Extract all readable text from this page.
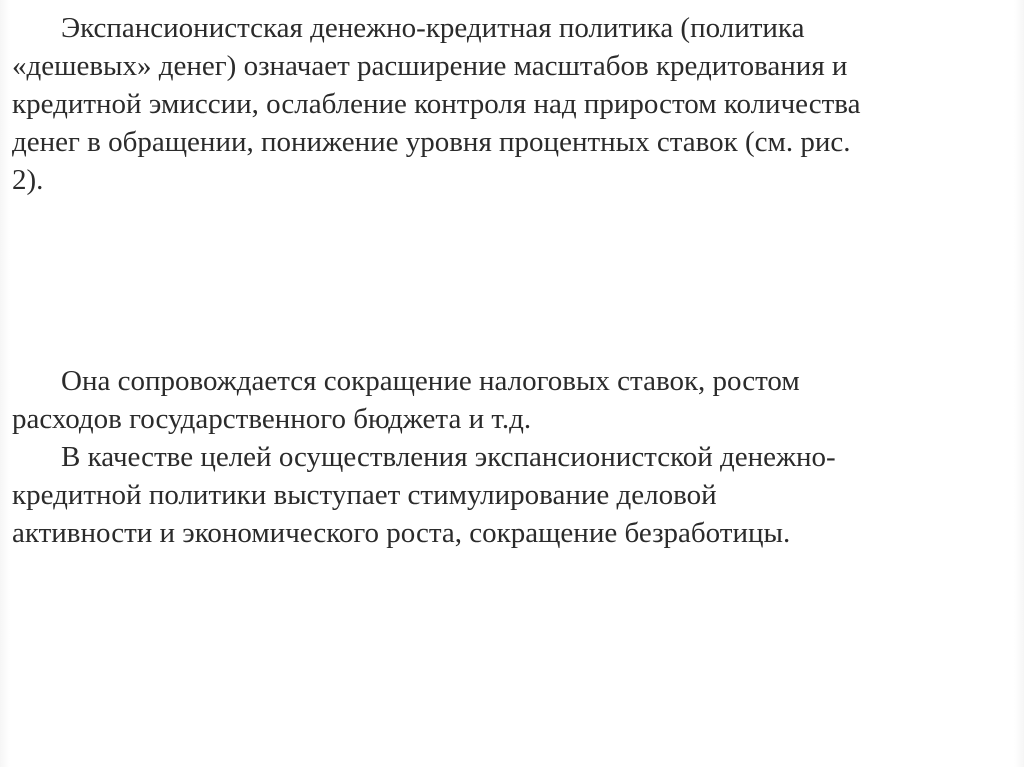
Экспансионистская денежно-кредитная политика (политика
«дешевых» денег) означает расширение масштабов кредитования и
кредитной эмиссии, ослабление контроля над приростом количества
денег в обращении, понижение уровня процентных ставок (см. рис.
2).
Она сопровождается сокращение налоговых ставок, ростом
расходов государственного бюджета и т.д.
В качестве целей осуществления экспансионистской денежно-
кредитной политики выступает стимулирование деловой
активности и экономического роста, сокращение безработицы.
